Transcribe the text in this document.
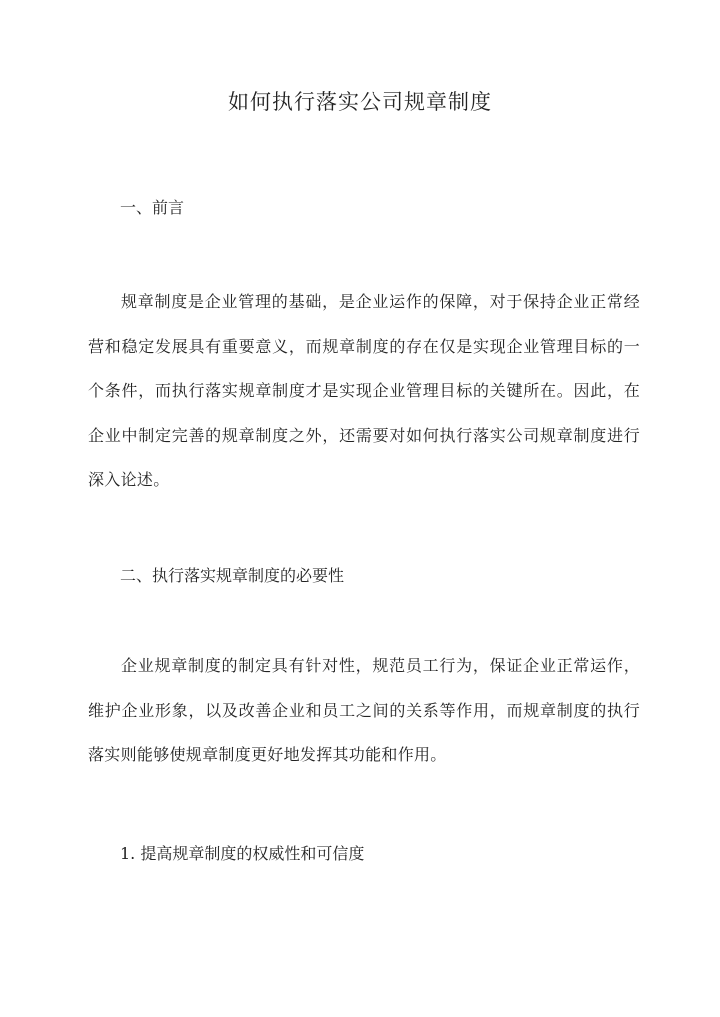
如何执行落实公司规章制度
一、前言

规章制度是企业管理的基础，是企业运作的保障，对于保持企业正常经营和稳定发展具有重要意义，而规章制度的存在仅是实现企业管理目标的一个条件，而执行落实规章制度才是实现企业管理目标的关键所在。因此，在企业中制定完善的规章制度之外，还需要对如何执行落实公司规章制度进行深入论述。

二、执行落实规章制度的必要性

企业规章制度的制定具有针对性，规范员工行为，保证企业正常运作，维护企业形象，以及改善企业和员工之间的关系等作用，而规章制度的执行落实则能够使规章制度更好地发挥其功能和作用。

1. 提高规章制度的权威性和可信度
